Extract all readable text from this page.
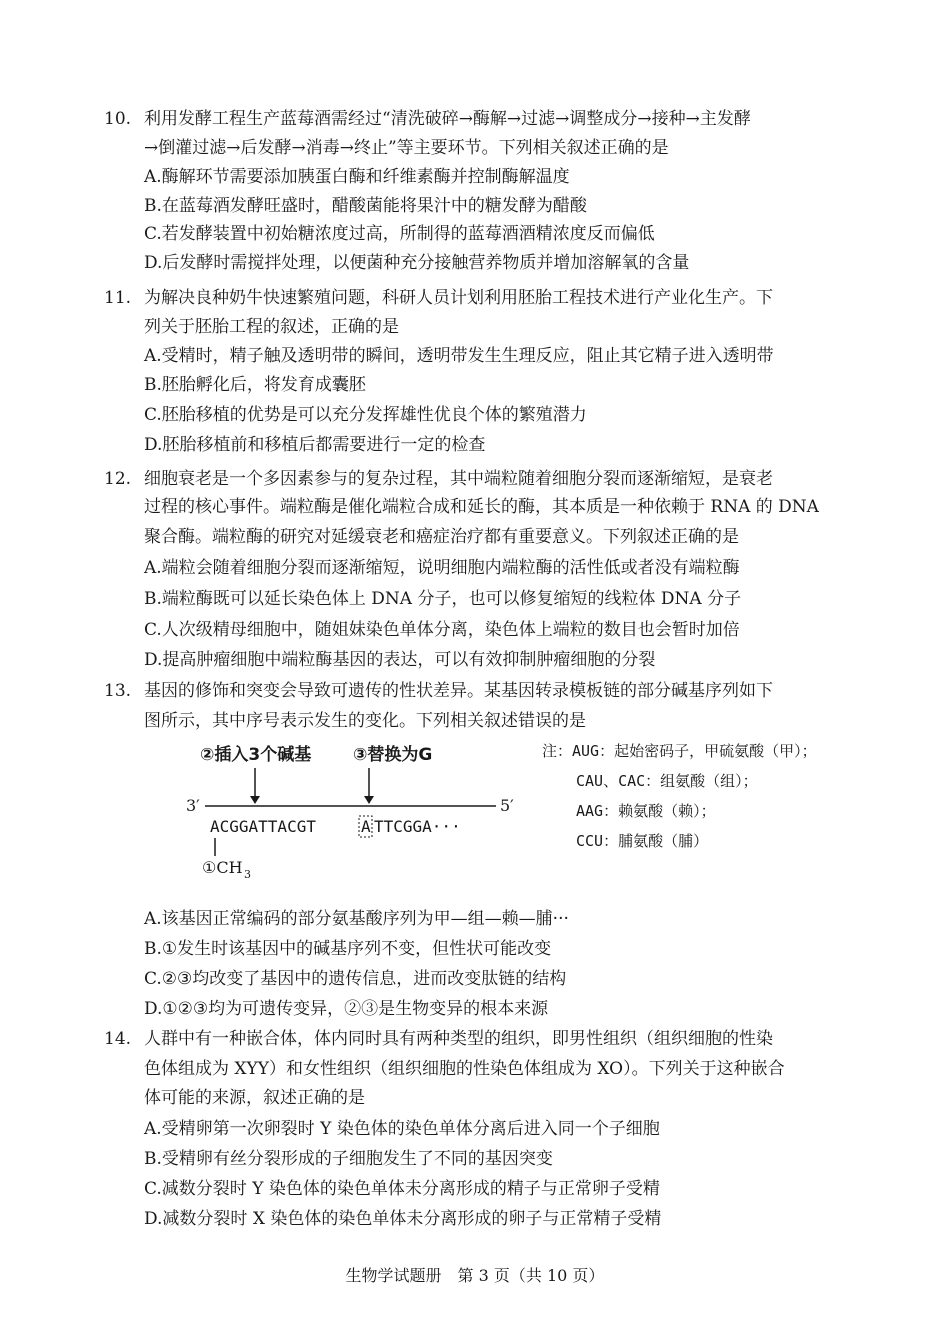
10. 利用发酵工程生产蓝莓酒需经过“清洗破碎→酶解→过滤→调整成分→接种→主发酵
→倒灌过滤→后发酵→消毒→终止”等主要环节。下列相关叙述正确的是
A.酶解环节需要添加胰蛋白酶和纤维素酶并控制酶解温度
B.在蓝莓酒发酵旺盛时，醋酸菌能将果汁中的糖发酵为醋酸
C.若发酵装置中初始糖浓度过高，所制得的蓝莓酒酒精浓度反而偏低
D.后发酵时需搅拌处理，以便菌种充分接触营养物质并增加溶解氧的含量
11. 为解决良种奶牛快速繁殖问题，科研人员计划利用胚胎工程技术进行产业化生产。下
列关于胚胎工程的叙述，正确的是
A.受精时，精子触及透明带的瞬间，透明带发生生理反应，阻止其它精子进入透明带
B.胚胎孵化后，将发育成囊胚
C.胚胎移植的优势是可以充分发挥雄性优良个体的繁殖潜力
D.胚胎移植前和移植后都需要进行一定的检查
12. 细胞衰老是一个多因素参与的复杂过程，其中端粒随着细胞分裂而逐渐缩短，是衰老
过程的核心事件。端粒酶是催化端粒合成和延长的酶，其本质是一种依赖于 RNA 的 DNA
聚合酶。端粒酶的研究对延缓衰老和癌症治疗都有重要意义。下列叙述正确的是
A.端粒会随着细胞分裂而逐渐缩短，说明细胞内端粒酶的活性低或者没有端粒酶
B.端粒酶既可以延长染色体上 DNA 分子，也可以修复缩短的线粒体 DNA 分子
C.人次级精母细胞中，随姐妹染色单体分离，染色体上端粒的数目也会暂时加倍
D.提高肿瘤细胞中端粒酶基因的表达，可以有效抑制肿瘤细胞的分裂
13. 基因的修饰和突变会导致可遗传的性状差异。某基因转录模板链的部分碱基序列如下
图所示，其中序号表示发生的变化。下列相关叙述错误的是
②插入3个碱基 ③替换为G
3′	5′
ACGGATTACGT	A TTCGGA···
①CH 3
注：AUG：起始密码子，甲硫氨酸（甲）；
CAU、CAC：组氨酸（组）；
AAG：赖氨酸（赖）；
CCU：脯氨酸（脯）
A.该基因正常编码的部分氨基酸序列为甲—组—赖—脯···
B.①发生时该基因中的碱基序列不变，但性状可能改变
C.②③均改变了基因中的遗传信息，进而改变肽链的结构
D.①②③均为可遗传变异，②③是生物变异的根本来源
14. 人群中有一种嵌合体，体内同时具有两种类型的组织，即男性组织（组织细胞的性染
色体组成为 XYY）和女性组织（组织细胞的性染色体组成为 XO）。下列关于这种嵌合
体可能的来源，叙述正确的是
A.受精卵第一次卵裂时 Y 染色体的染色单体分离后进入同一个子细胞
B.受精卵有丝分裂形成的子细胞发生了不同的基因突变
C.减数分裂时 Y 染色体的染色单体未分离形成的精子与正常卵子受精
D.减数分裂时 X 染色体的染色单体未分离形成的卵子与正常精子受精
生物学试题册　第 3 页（共 10 页）
